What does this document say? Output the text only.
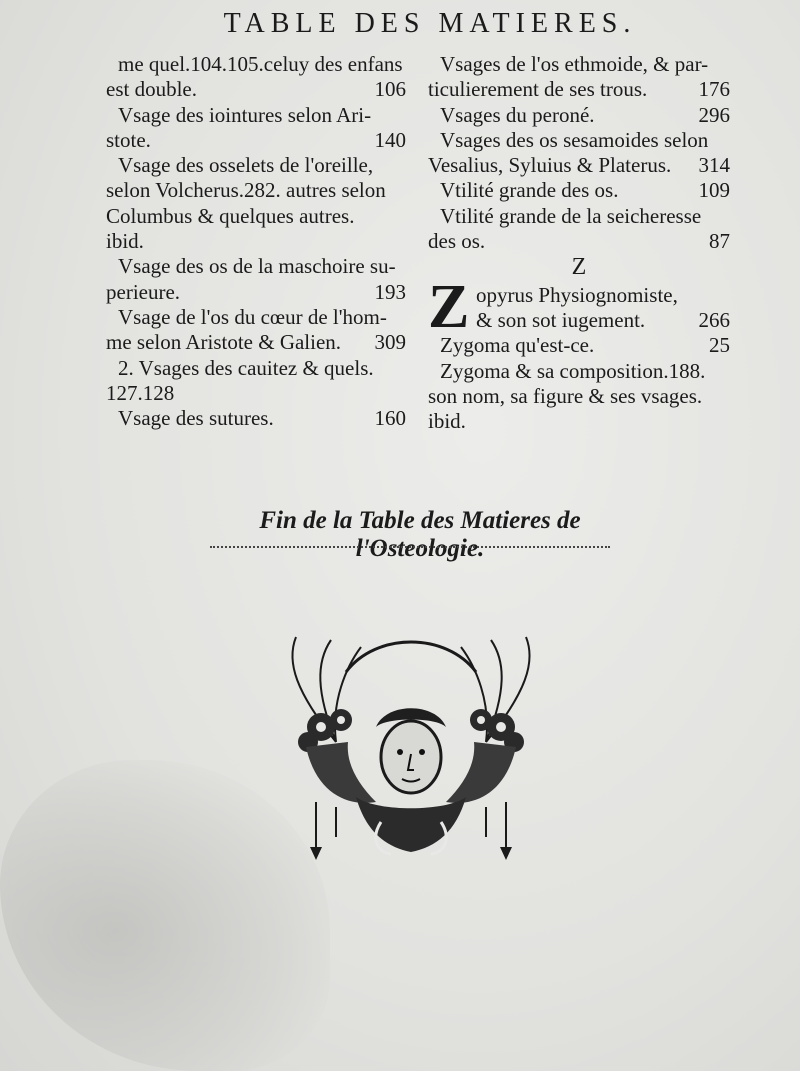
TABLE DES MATIERES.
me quel.104.105.celuy des enfans
est double.	106
Vsage des iointures selon Ari-
stote.	140
Vsage des osselets de l'oreille,
selon Volcherus.282. autres selon
Columbus & quelques autres.
ibid.
Vsage des os de la maschoire su-
perieure.	193
Vsage de l'os du cœur de l'hom-
me selon Aristote & Galien. 309
2. Vsages des cauitez & quels.
127.128
Vsage des sutures.	160
Vsages de l'os ethmoide, & par-
ticulierement de ses trous. 176
Vsages du peroné.	296
Vsages des os sesamoides selon
Vesalius, Syluius & Platerus. 314
Vtilité grande des os.	109
Vtilité grande de la seicheresse
des os.	87
Z
Z opyrus Physiognomiste,
& son sot iugement.	266
Zygoma qu'est-ce.	25
Zygoma & sa composition.188.
son nom, sa figure & ses vsages.
ibid.
Fin de la Table des Matieres de l'Osteologie.
